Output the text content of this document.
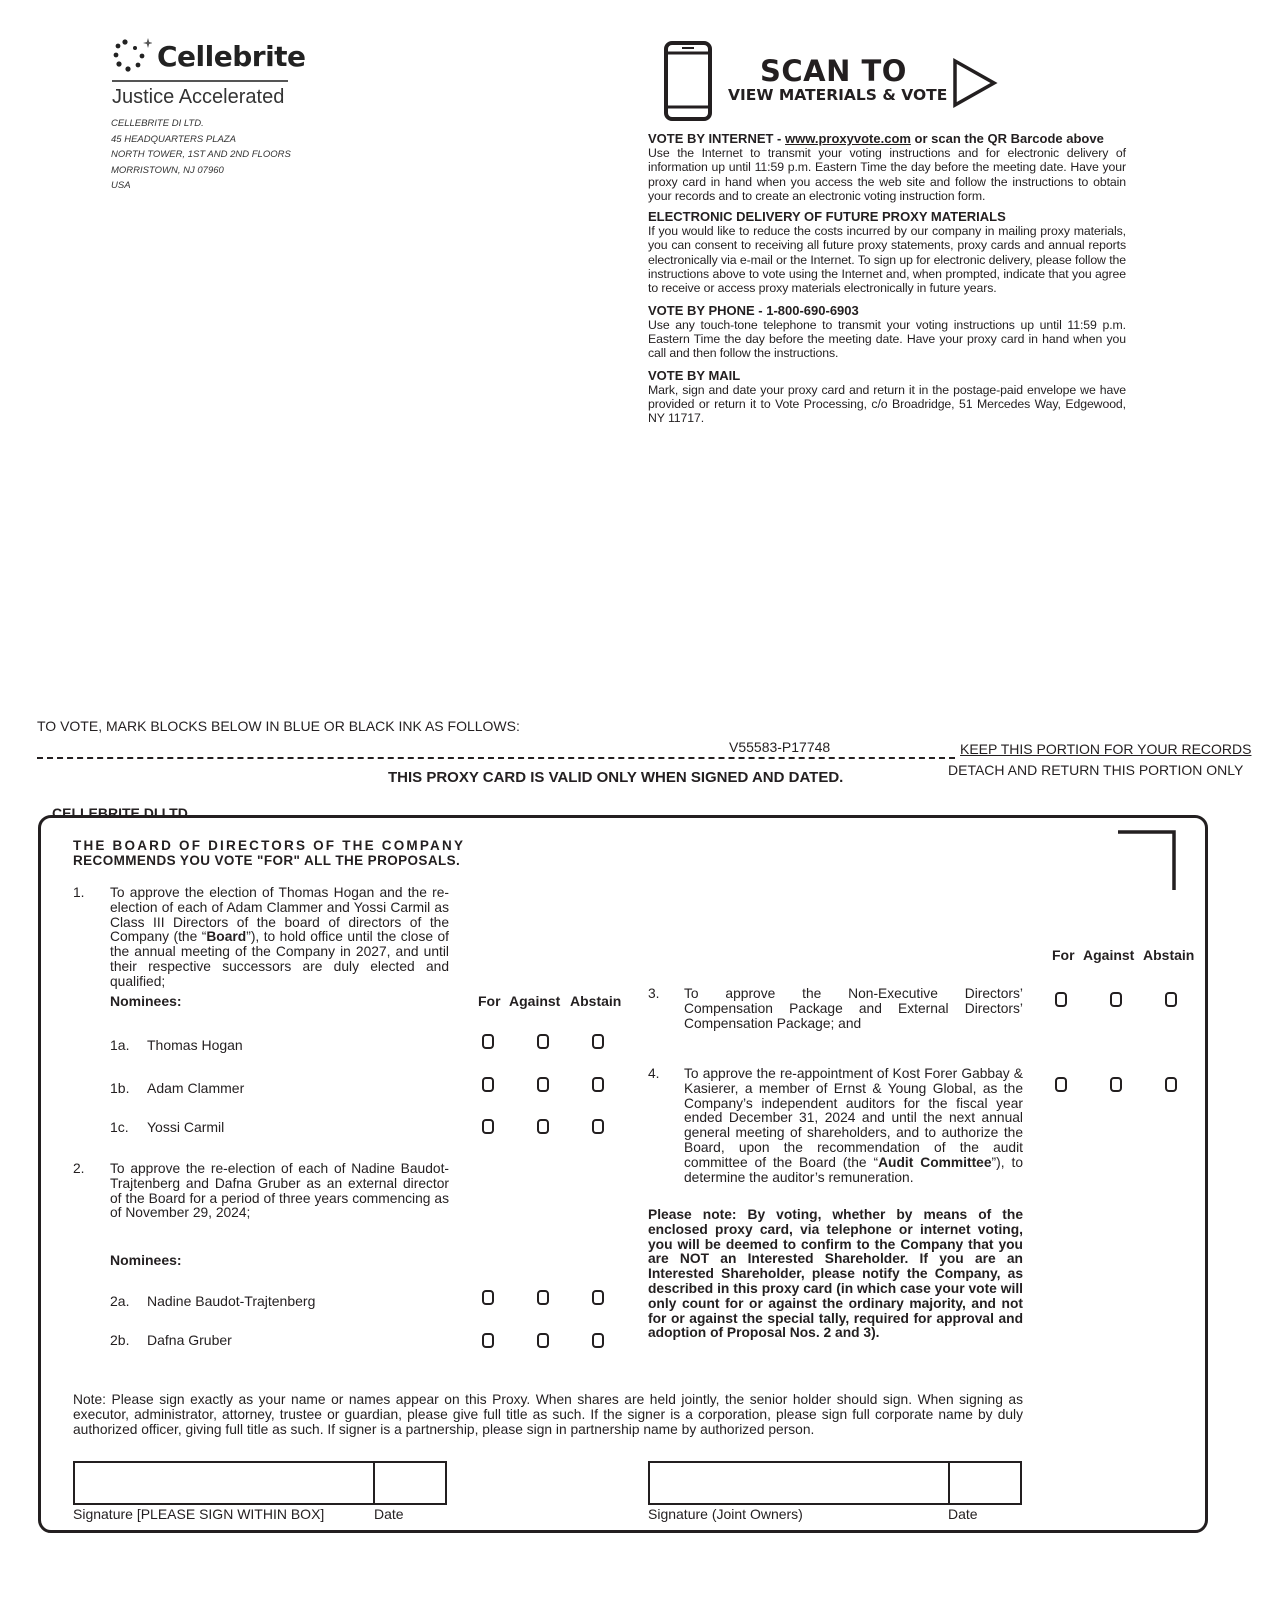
Cellebrite
Justice Accelerated
CELLEBRITE DI LTD.
45 HEADQUARTERS PLAZA
NORTH TOWER, 1ST AND 2ND FLOORS
MORRISTOWN, NJ 07960
USA
SCAN TO
VIEW MATERIALS & VOTE
VOTE BY INTERNET - www.proxyvote.com or scan the QR Barcode above
Use the Internet to transmit your voting instructions and for electronic delivery of information up until 11:59 p.m. Eastern Time the day before the meeting date. Have your proxy card in hand when you access the web site and follow the instructions to obtain your records and to create an electronic voting instruction form.
ELECTRONIC DELIVERY OF FUTURE PROXY MATERIALS
If you would like to reduce the costs incurred by our company in mailing proxy materials, you can consent to receiving all future proxy statements, proxy cards and annual reports electronically via e-mail or the Internet. To sign up for electronic delivery, please follow the instructions above to vote using the Internet and, when prompted, indicate that you agree to receive or access proxy materials electronically in future years.
VOTE BY PHONE - 1-800-690-6903
Use any touch-tone telephone to transmit your voting instructions up until 11:59 p.m. Eastern Time the day before the meeting date. Have your proxy card in hand when you call and then follow the instructions.
VOTE BY MAIL
Mark, sign and date your proxy card and return it in the postage-paid envelope we have provided or return it to Vote Processing, c/o Broadridge, 51 Mercedes Way, Edgewood, NY 11717.
TO VOTE, MARK BLOCKS BELOW IN BLUE OR BLACK INK AS FOLLOWS:
V55583-P17748	KEEP THIS PORTION FOR YOUR RECORDS
DETACH AND RETURN THIS PORTION ONLY
THIS PROXY CARD IS VALID ONLY WHEN SIGNED AND DATED.
CELLEBRITE DI LTD.
THE BOARD OF DIRECTORS OF THE COMPANY
RECOMMENDS YOU VOTE "FOR" ALL THE PROPOSALS.
1. To approve the election of Thomas Hogan and the re-election of each of Adam Clammer and Yossi Carmil as Class III Directors of the board of directors of the Company (the “Board”), to hold office until the close of the annual meeting of the Company in 2027, and until their respective successors are duly elected and qualified;
Nominees:	For Against Abstain
1a. Thomas Hogan
1b. Adam Clammer
1c. Yossi Carmil
2. To approve the re-election of each of Nadine Baudot-Trajtenberg and Dafna Gruber as an external director of the Board for a period of three years commencing as of November 29, 2024;
Nominees:
2a. Nadine Baudot-Trajtenberg
2b. Dafna Gruber
For Against Abstain
3. To approve the Non-Executive Directors’ Compensation Package and External Directors’ Compensation Package; and
4. To approve the re-appointment of Kost Forer Gabbay & Kasierer, a member of Ernst & Young Global, as the Company’s independent auditors for the fiscal year ended December 31, 2024 and until the next annual general meeting of shareholders, and to authorize the Board, upon the recommendation of the audit committee of the Board (the “Audit Committee”), to determine the auditor’s remuneration.
Please note: By voting, whether by means of the enclosed proxy card, via telephone or internet voting, you will be deemed to confirm to the Company that you are NOT an Interested Shareholder. If you are an Interested Shareholder, please notify the Company, as described in this proxy card (in which case your vote will only count for or against the ordinary majority, and not for or against the special tally, required for approval and adoption of Proposal Nos. 2 and 3).
Note: Please sign exactly as your name or names appear on this Proxy. When shares are held jointly, the senior holder should sign. When signing as executor, administrator, attorney, trustee or guardian, please give full title as such. If the signer is a corporation, please sign full corporate name by duly authorized officer, giving full title as such. If signer is a partnership, please sign in partnership name by authorized person.
Signature [PLEASE SIGN WITHIN BOX]	Date	Signature (Joint Owners)	Date
